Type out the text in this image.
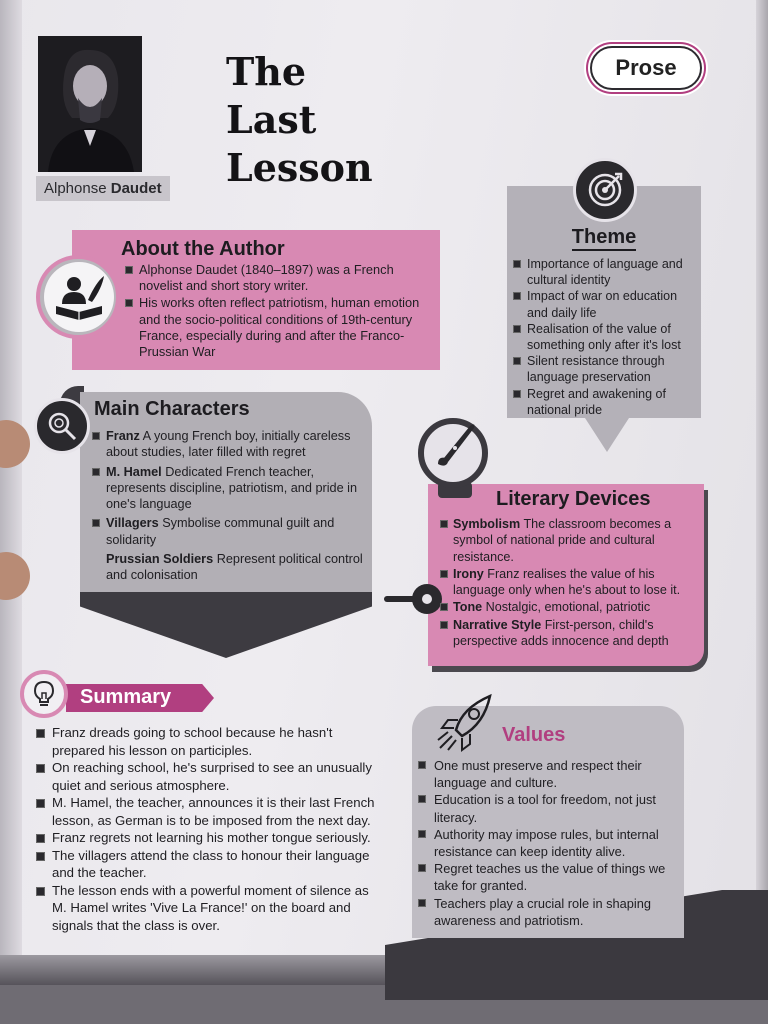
Alphonse Daudet
The
Last
Lesson
Prose
Theme
Importance of language and cultural identity
Impact of war on education and daily life
Realisation of the value of something only after it's lost
Silent resistance through language preservation
Regret and awakening of national pride
About the Author
Alphonse Daudet (1840–1897) was a French novelist and short story writer.
His works often reflect patriotism, human emotion and the socio-political conditions of 19th-century France, especially during and after the Franco-Prussian War
Main Characters
Franz A young French boy, initially careless about studies, later filled with regret
M. Hamel Dedicated French teacher, represents discipline, patriotism, and pride in one's language
Villagers Symbolise communal guilt and solidarity
Prussian Soldiers Represent political control and colonisation
Literary Devices
Symbolism The classroom becomes a symbol of national pride and cultural resistance.
Irony Franz realises the value of his language only when he's about to lose it.
Tone Nostalgic, emotional, patriotic
Narrative Style First-person, child's perspective adds innocence and depth
Summary
Franz dreads going to school because he hasn't prepared his lesson on participles.
On reaching school, he's surprised to see an unusually quiet and serious atmosphere.
M. Hamel, the teacher, announces it is their last French lesson, as German is to be imposed from the next day.
Franz regrets not learning his mother tongue seriously.
The villagers attend the class to honour their language and the teacher.
The lesson ends with a powerful moment of silence as M. Hamel writes 'Vive La France!' on the board and signals that the class is over.
Values
One must preserve and respect their language and culture.
Education is a tool for freedom, not just literacy.
Authority may impose rules, but internal resistance can keep identity alive.
Regret teaches us the value of things we take for granted.
Teachers play a crucial role in shaping awareness and patriotism.
